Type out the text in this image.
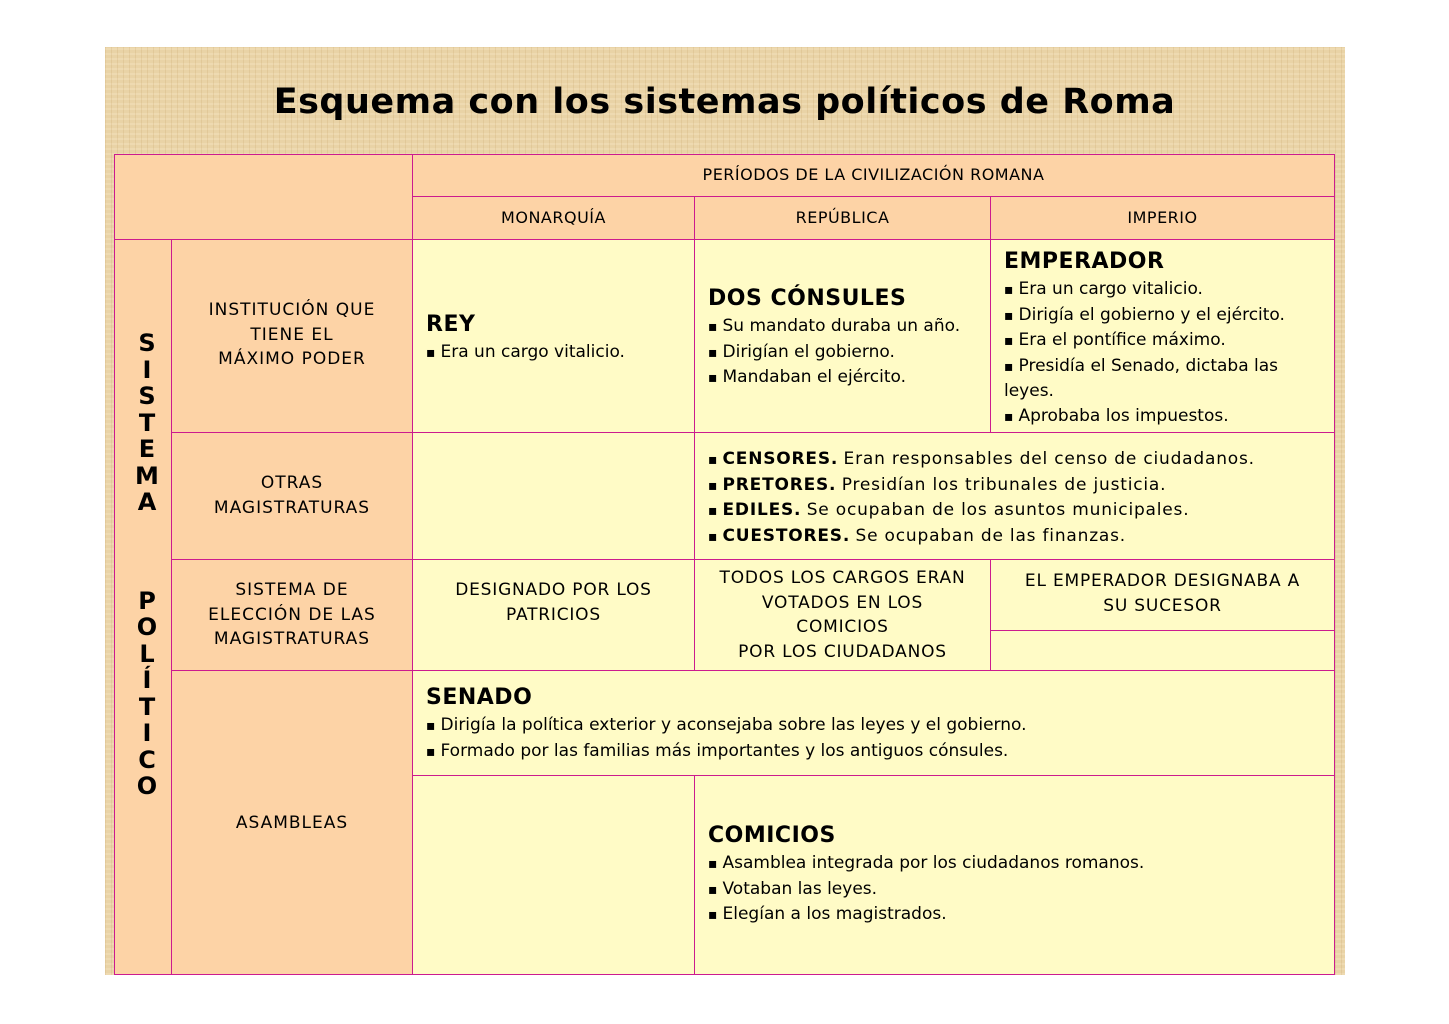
Esquema con los sistemas políticos de Roma
PERÍODOS DE LA CIVILIZACIÓN ROMANA
MONARQUÍA	REPÚBLICA	IMPERIO
S
I
S
T
E
M
A
P
O
L
Í
T
I
C
O
INSTITUCIÓN QUE
TIENE EL
MÁXIMO PODER
REY
▪ Era un cargo vitalicio.
DOS CÓNSULES
▪ Su mandato duraba un año.
▪ Dirigían el gobierno.
▪ Mandaban el ejército.
EMPERADOR
▪ Era un cargo vitalicio.
▪ Dirigía el gobierno y el ejército.
▪ Era el pontífice máximo.
▪ Presidía el Senado, dictaba las
leyes.
▪ Aprobaba los impuestos.
OTRAS
MAGISTRATURAS
▪ CENSORES. Eran responsables del censo de ciudadanos.
▪ PRETORES. Presidían los tribunales de justicia.
▪ EDILES. Se ocupaban de los asuntos municipales.
▪ CUESTORES. Se ocupaban de las finanzas.
SISTEMA DE
ELECCIÓN DE LAS
MAGISTRATURAS
DESIGNADO POR LOS
PATRICIOS
TODOS LOS CARGOS ERAN
VOTADOS EN LOS
COMICIOS
POR LOS CIUDADANOS
EL EMPERADOR DESIGNABA A
SU SUCESOR
ASAMBLEAS
SENADO
▪ Dirigía la política exterior y aconsejaba sobre las leyes y el gobierno.
▪ Formado por las familias más importantes y los antiguos cónsules.
COMICIOS
▪ Asamblea integrada por los ciudadanos romanos.
▪ Votaban las leyes.
▪ Elegían a los magistrados.
